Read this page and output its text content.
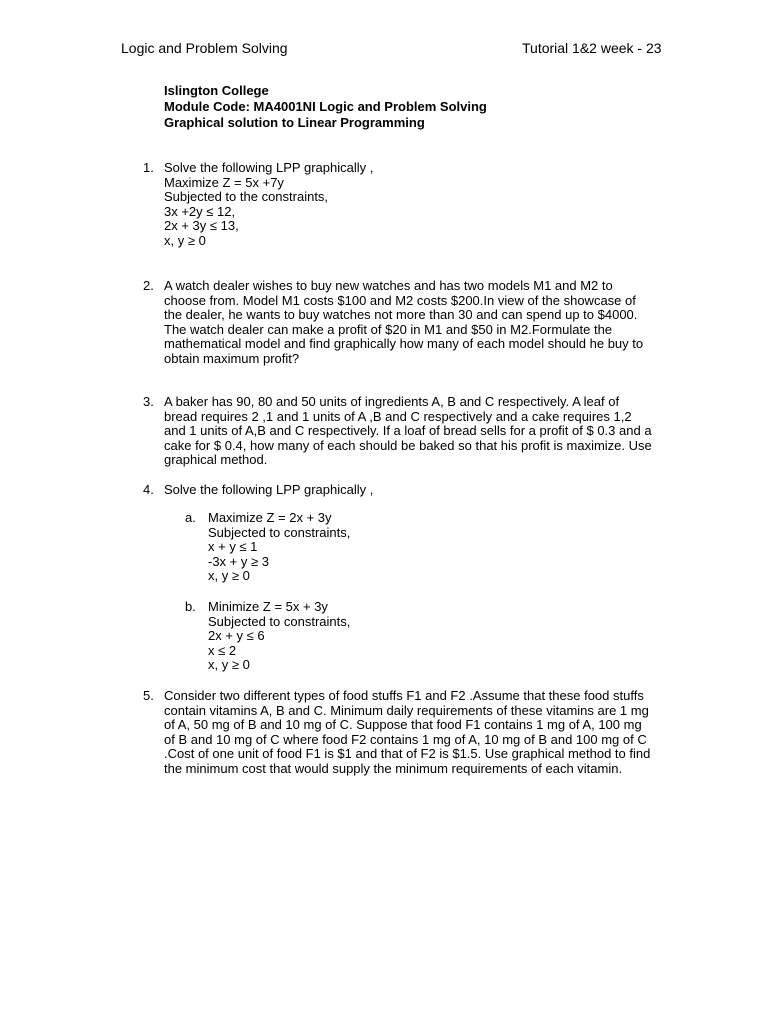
Logic and Problem Solving	Tutorial 1&2 week - 23
Islington College
Module Code: MA4001NI Logic and Problem Solving
Graphical solution to Linear Programming
1. Solve the following LPP graphically ,
Maximize Z = 5x +7y
Subjected to the constraints,
3x +2y ≤ 12,
2x + 3y ≤ 13,
x, y ≥ 0
2. A watch dealer wishes to buy new watches and has two models M1 and M2 to
choose from. Model M1 costs $100 and M2 costs $200.In view of the showcase of
the dealer, he wants to buy watches not more than 30 and can spend up to $4000.
The watch dealer can make a profit of $20 in M1 and $50 in M2.Formulate the
mathematical model and find graphically how many of each model should he buy to
obtain maximum profit?
3. A baker has 90, 80 and 50 units of ingredients A, B and C respectively. A leaf of
bread requires 2 ,1 and 1 units of A ,B and C respectively and a cake requires 1,2
and 1 units of A,B and C respectively. If a loaf of bread sells for a profit of $ 0.3 and a
cake for $ 0.4, how many of each should be baked so that his profit is maximize. Use
graphical method.
4. Solve the following LPP graphically ,
a. Maximize Z = 2x + 3y
Subjected to constraints,
x + y ≤ 1
-3x + y ≥ 3
x, y ≥ 0
b. Minimize Z = 5x + 3y
Subjected to constraints,
2x + y ≤ 6
x ≤ 2
x, y ≥ 0
5. Consider two different types of food stuffs F1 and F2 .Assume that these food stuffs
contain vitamins A, B and C. Minimum daily requirements of these vitamins are 1 mg
of A, 50 mg of B and 10 mg of C. Suppose that food F1 contains 1 mg of A, 100 mg
of B and 10 mg of C where food F2 contains 1 mg of A, 10 mg of B and 100 mg of C
.Cost of one unit of food F1 is $1 and that of F2 is $1.5. Use graphical method to find
the minimum cost that would supply the minimum requirements of each vitamin.
